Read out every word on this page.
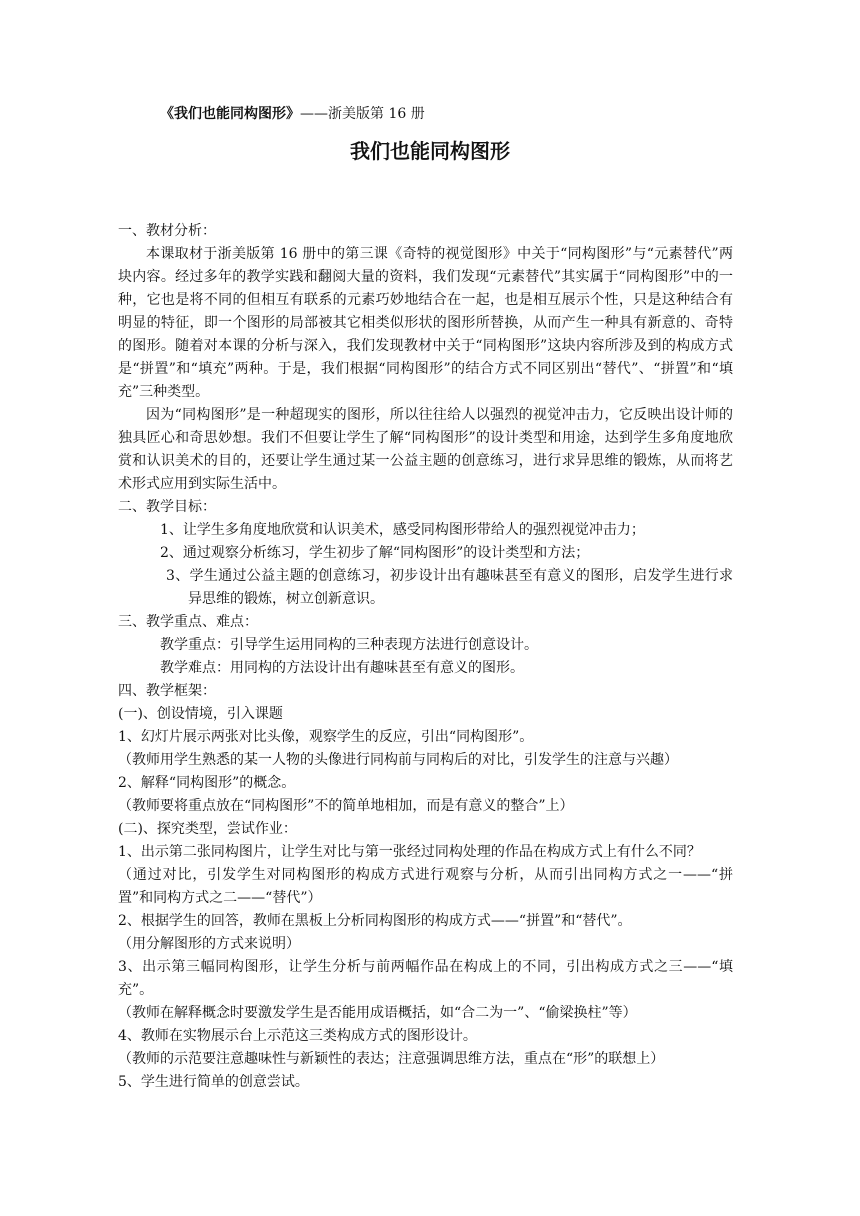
《我们也能同构图形》——浙美版第 16 册
我们也能同构图形

一、教材分析：

本课取材于浙美版第 16 册中的第三课《奇特的视觉图形》中关于“同构图形”与“元素替代”两块内容。经过多年的教学实践和翻阅大量的资料，我们发现“元素替代”其实属于“同构图形”中的一种，它也是将不同的但相互有联系的元素巧妙地结合在一起，也是相互展示个性，只是这种结合有明显的特征，即一个图形的局部被其它相类似形状的图形所替换，从而产生一种具有新意的、奇特的图形。随着对本课的分析与深入，我们发现教材中关于“同构图形”这块内容所涉及到的构成方式是“拼置”和“填充”两种。于是，我们根据“同构图形”的结合方式不同区别出“替代”、“拼置”和“填充”三种类型。

因为“同构图形”是一种超现实的图形，所以往往给人以强烈的视觉冲击力，它反映出设计师的独具匠心和奇思妙想。我们不但要让学生了解“同构图形”的设计类型和用途，达到学生多角度地欣赏和认识美术的目的，还要让学生通过某一公益主题的创意练习，进行求异思维的锻炼，从而将艺术形式应用到实际生活中。

二、教学目标：

1、让学生多角度地欣赏和认识美术，感受同构图形带给人的强烈视觉冲击力；

2、通过观察分析练习，学生初步了解“同构图形”的设计类型和方法；

3、学生通过公益主题的创意练习，初步设计出有趣味甚至有意义的图形，启发学生进行求异思维的锻炼，树立创新意识。

三、教学重点、难点：

教学重点：引导学生运用同构的三种表现方法进行创意设计。

教学难点：用同构的方法设计出有趣味甚至有意义的图形。

四、教学框架：

(一)、创设情境，引入课题

1、幻灯片展示两张对比头像，观察学生的反应，引出“同构图形”。

（教师用学生熟悉的某一人物的头像进行同构前与同构后的对比，引发学生的注意与兴趣）

2、解释“同构图形”的概念。

（教师要将重点放在“同构图形”不的简单地相加，而是有意义的整合”上）

(二)、探究类型，尝试作业：

1、出示第二张同构图片，让学生对比与第一张经过同构处理的作品在构成方式上有什么不同？

（通过对比，引发学生对同构图形的构成方式进行观察与分析，从而引出同构方式之一——“拼置”和同构方式之二——“替代”）

2、根据学生的回答，教师在黑板上分析同构图形的构成方式——“拼置”和“替代”。

（用分解图形的方式来说明）

3、出示第三幅同构图形，让学生分析与前两幅作品在构成上的不同，引出构成方式之三——“填充”。

（教师在解释概念时要激发学生是否能用成语概括，如“合二为一”、“偷梁换柱”等）

4、教师在实物展示台上示范这三类构成方式的图形设计。

（教师的示范要注意趣味性与新颖性的表达；注意强调思维方法，重点在“形”的联想上）

5、学生进行简单的创意尝试。
